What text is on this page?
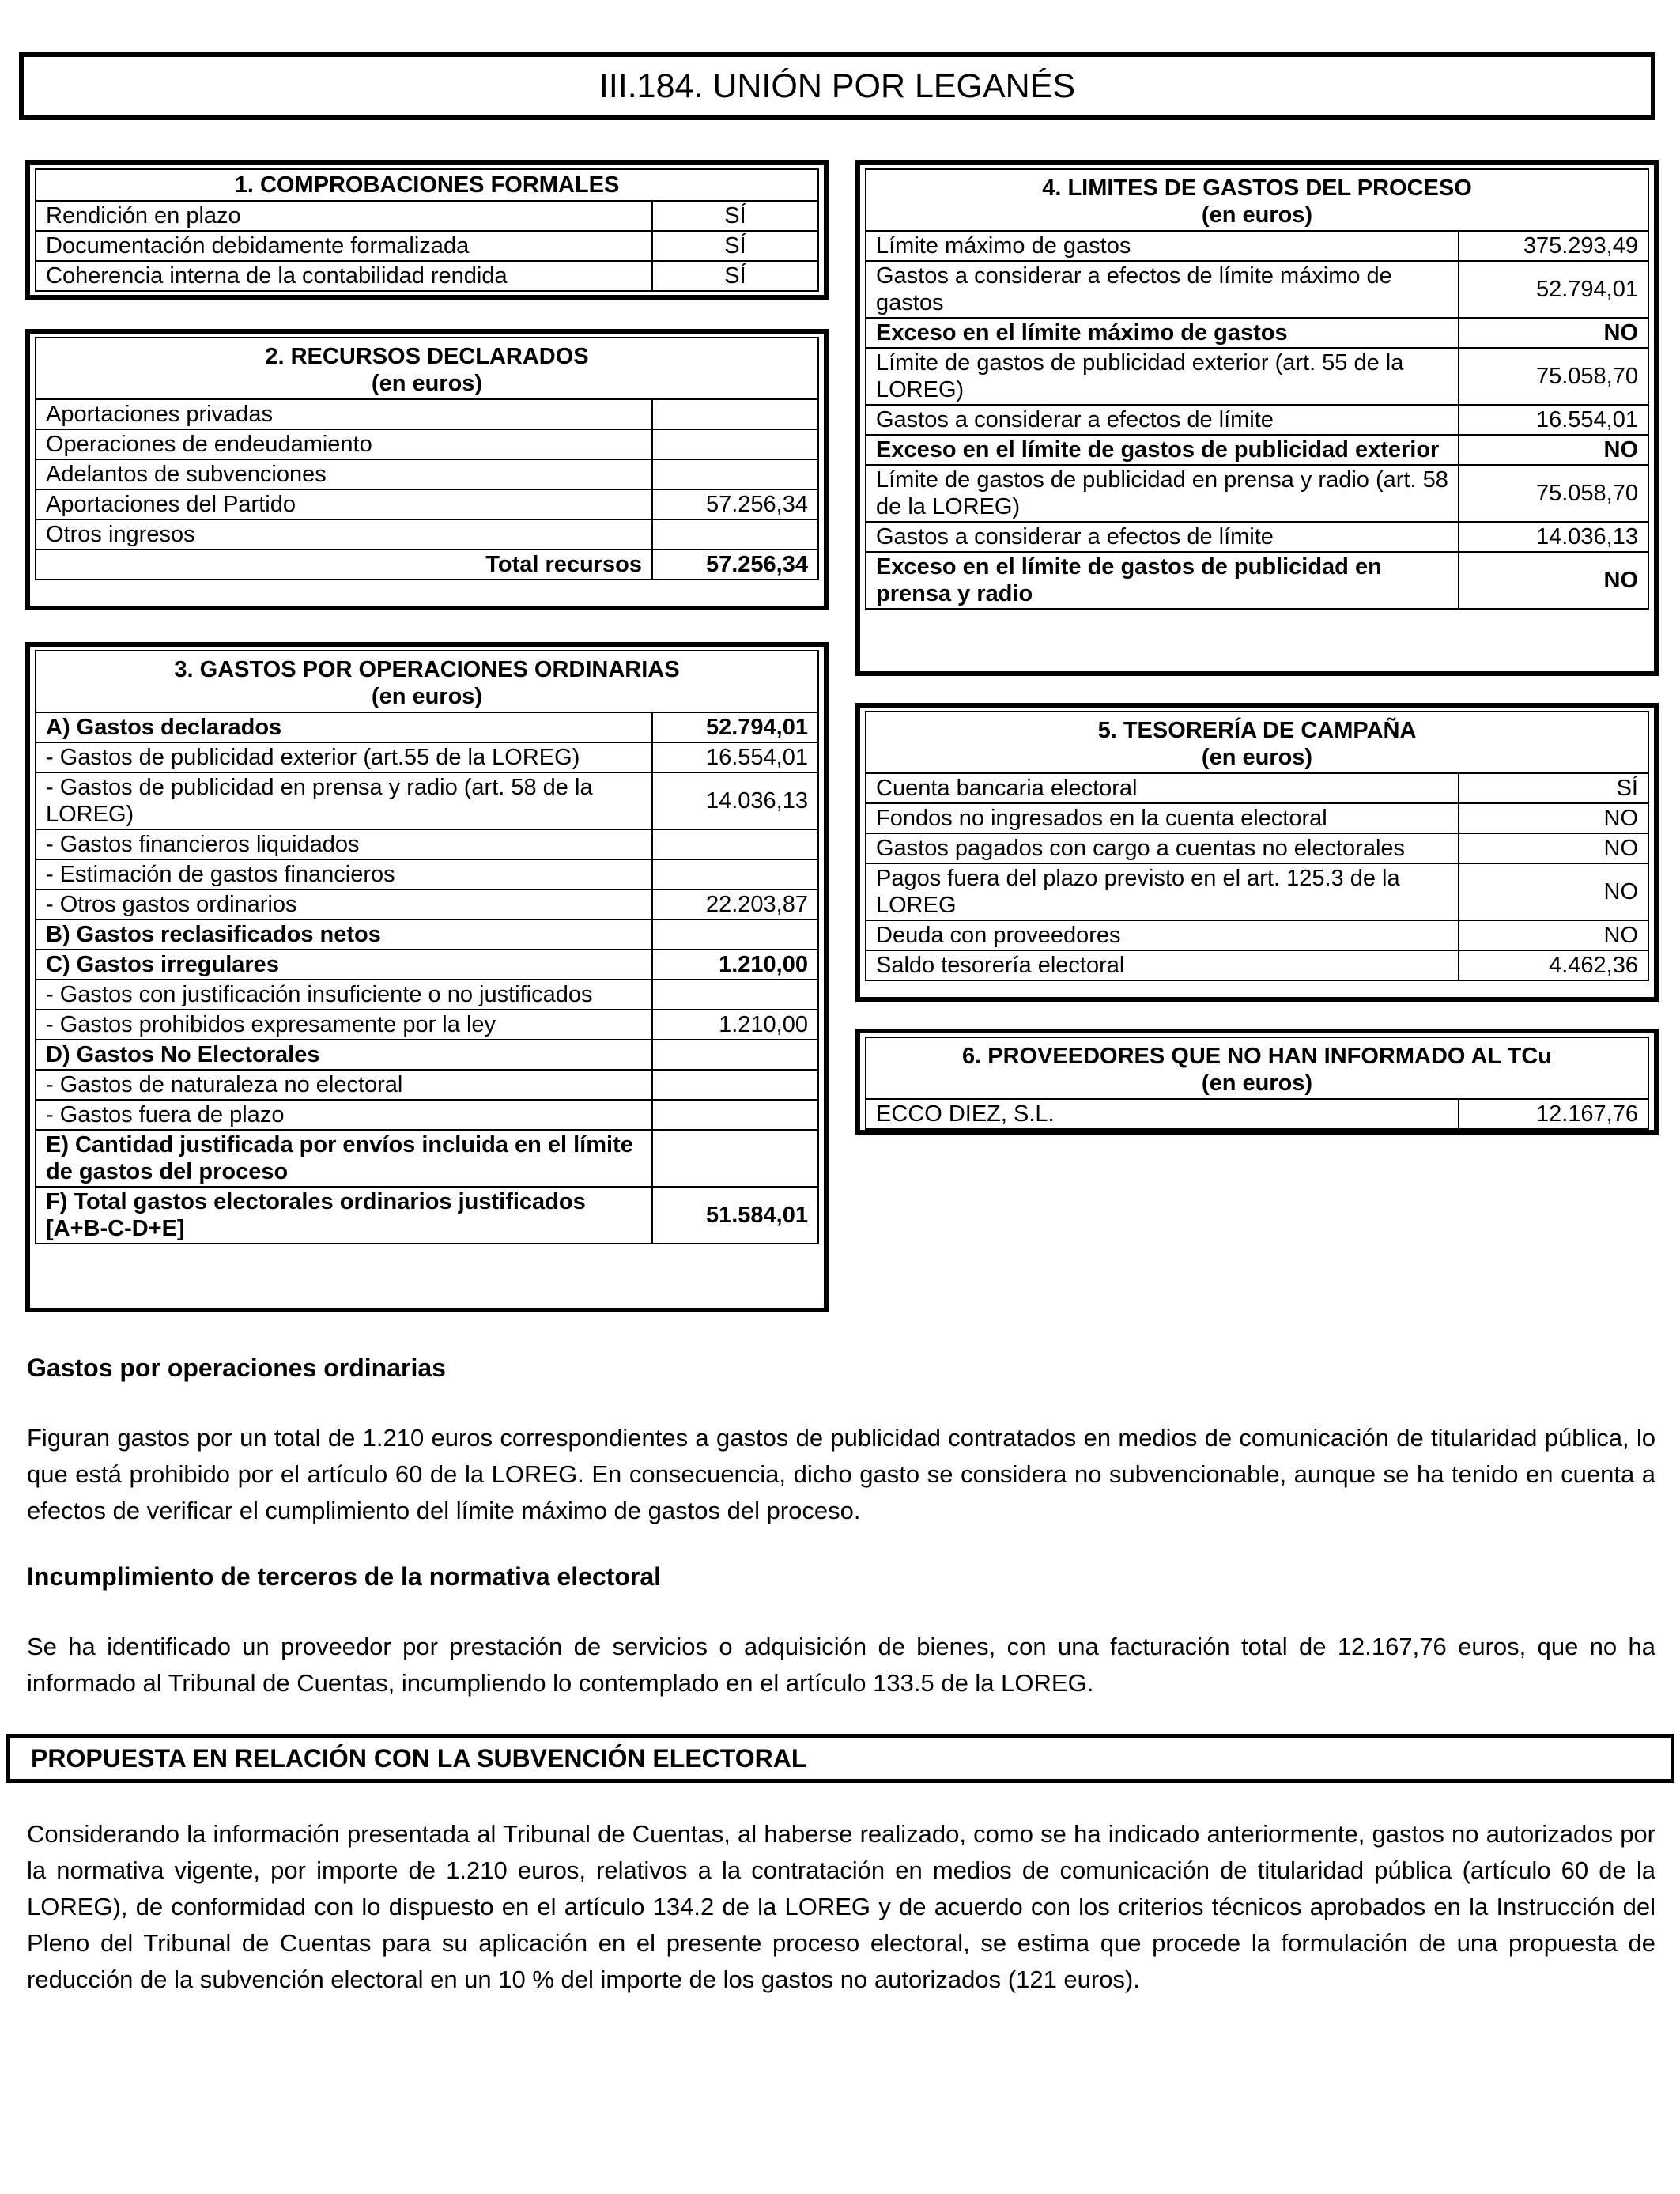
III.184. UNIÓN POR LEGANÉS
1. COMPROBACIONES FORMALES	
Rendición en plazo	SÍ
Documentación debidamente formalizada	SÍ
Coherencia interna de la contabilidad rendida	SÍ
2. RECURSOS DECLARADOS
(en euros)	

Aportaciones privadas	
Operaciones de endeudamiento	
Adelantos de subvenciones	
Aportaciones del Partido	57.256,34
Otros ingresos	
Total recursos	57.256,34
3. GASTOS POR OPERACIONES ORDINARIAS
(en euros)	

A) Gastos declarados	52.794,01
- Gastos de publicidad exterior (art.55 de la LOREG)	16.554,01
- Gastos de publicidad en prensa y radio (art. 58 de la LOREG)	14.036,13
- Gastos financieros liquidados	
- Estimación de gastos financieros	
- Otros gastos ordinarios	22.203,87
B) Gastos reclasificados netos	
C) Gastos irregulares	1.210,00
- Gastos con justificación insuficiente o no justificados	
- Gastos prohibidos expresamente por la ley	1.210,00
D) Gastos No Electorales	
- Gastos de naturaleza no electoral	
- Gastos fuera de plazo	
E) Cantidad justificada por envíos incluida en el límite de gastos del proceso	
F) Total gastos electorales ordinarios justificados [A+B-C-D+E]	51.584,01
4. LIMITES DE GASTOS DEL PROCESO
(en euros)	

Límite máximo de gastos	375.293,49
Gastos a considerar a efectos de límite máximo de gastos	52.794,01
Exceso en el límite máximo de gastos	NO
Límite de gastos de publicidad exterior (art. 55 de la LOREG)	75.058,70
Gastos a considerar a efectos de límite	16.554,01
Exceso en el límite de gastos de publicidad exterior	NO
Límite de gastos de publicidad en prensa y radio (art. 58 de la LOREG)	75.058,70
Gastos a considerar a efectos de límite	14.036,13
Exceso en el límite de gastos de publicidad en prensa y radio	NO
5. TESORERÍA DE CAMPAÑA
(en euros)	

Cuenta bancaria electoral	SÍ
Fondos no ingresados en la cuenta electoral	NO
Gastos pagados con cargo a cuentas no electorales	NO
Pagos fuera del plazo previsto en el art. 125.3 de la LOREG	NO
Deuda con proveedores	NO
Saldo tesorería electoral	4.462,36
6. PROVEEDORES QUE NO HAN INFORMADO AL TCu
(en euros)

ECCO DIEZ, S.L.	12.167,76
Gastos por operaciones ordinarias
Figuran gastos por un total de 1.210 euros correspondientes a gastos de publicidad contratados en medios de comunicación de titularidad pública, lo que está prohibido por el artículo 60 de la LOREG. En consecuencia, dicho gasto se considera no subvencionable, aunque se ha tenido en cuenta a efectos de verificar el cumplimiento del límite máximo de gastos del proceso.
Incumplimiento de terceros de la normativa electoral
Se ha identificado un proveedor por prestación de servicios o adquisición de bienes, con una facturación total de 12.167,76 euros, que no ha informado al Tribunal de Cuentas, incumpliendo lo contemplado en el artículo 133.5 de la LOREG.
PROPUESTA EN RELACIÓN CON LA SUBVENCIÓN ELECTORAL
Considerando la información presentada al Tribunal de Cuentas, al haberse realizado, como se ha indicado anteriormente, gastos no autorizados por la normativa vigente, por importe de 1.210 euros, relativos a la contratación en medios de comunicación de titularidad pública (artículo 60 de la LOREG), de conformidad con lo dispuesto en el artículo 134.2 de la LOREG y de acuerdo con los criterios técnicos aprobados en la Instrucción del Pleno del Tribunal de Cuentas para su aplicación en el presente proceso electoral, se estima que procede la formulación de una propuesta de reducción de la subvención electoral en un 10 % del importe de los gastos no autorizados (121 euros).
